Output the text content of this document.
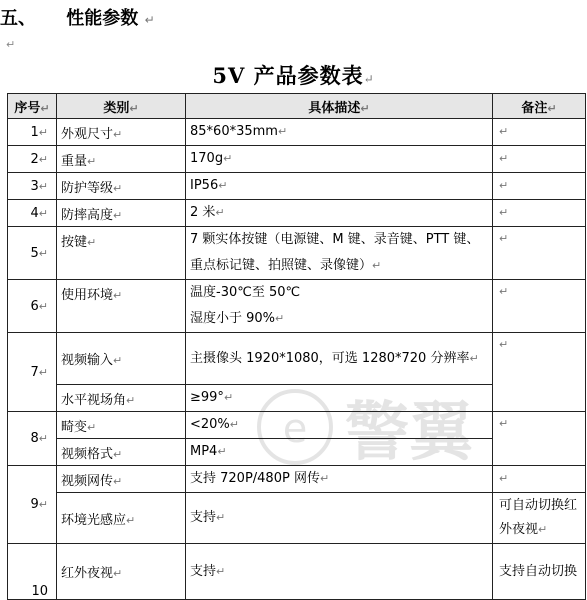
五、 性能参数 ↵
↵
5V 产品参数表↵
e 警翼
序号↵	类别↵	具体描述↵	备注↵
1↵	外观尺寸↵	85*60*35mm↵	↵
2↵	重量↵	170g↵	↵
3↵	防护等级↵	IP56↵	↵
4↵	防摔高度↵	2 米↵	↵
5↵	按键↵	7 颗实体按键（电源键、M 键、录音键、PTT 键、重点标记键、拍照键、录像键）↵	↵
6↵	使用环境↵	温度-30℃至 50℃
湿度小于 90%↵	↵
7↵	视频输入↵	主摄像头 1920*1080，可选 1280*720 分辨率↵	↵
	水平视场角↵	≥99°↵	
8↵	畸变↵	<20%↵	↵
	视频格式↵	MP4↵	
9↵	视频网传↵	支持 720P/480P 网传↵	↵
	环境光感应↵	支持↵	可自动切换红外夜视↵
10	红外夜视↵	支持↵	支持自动切换
